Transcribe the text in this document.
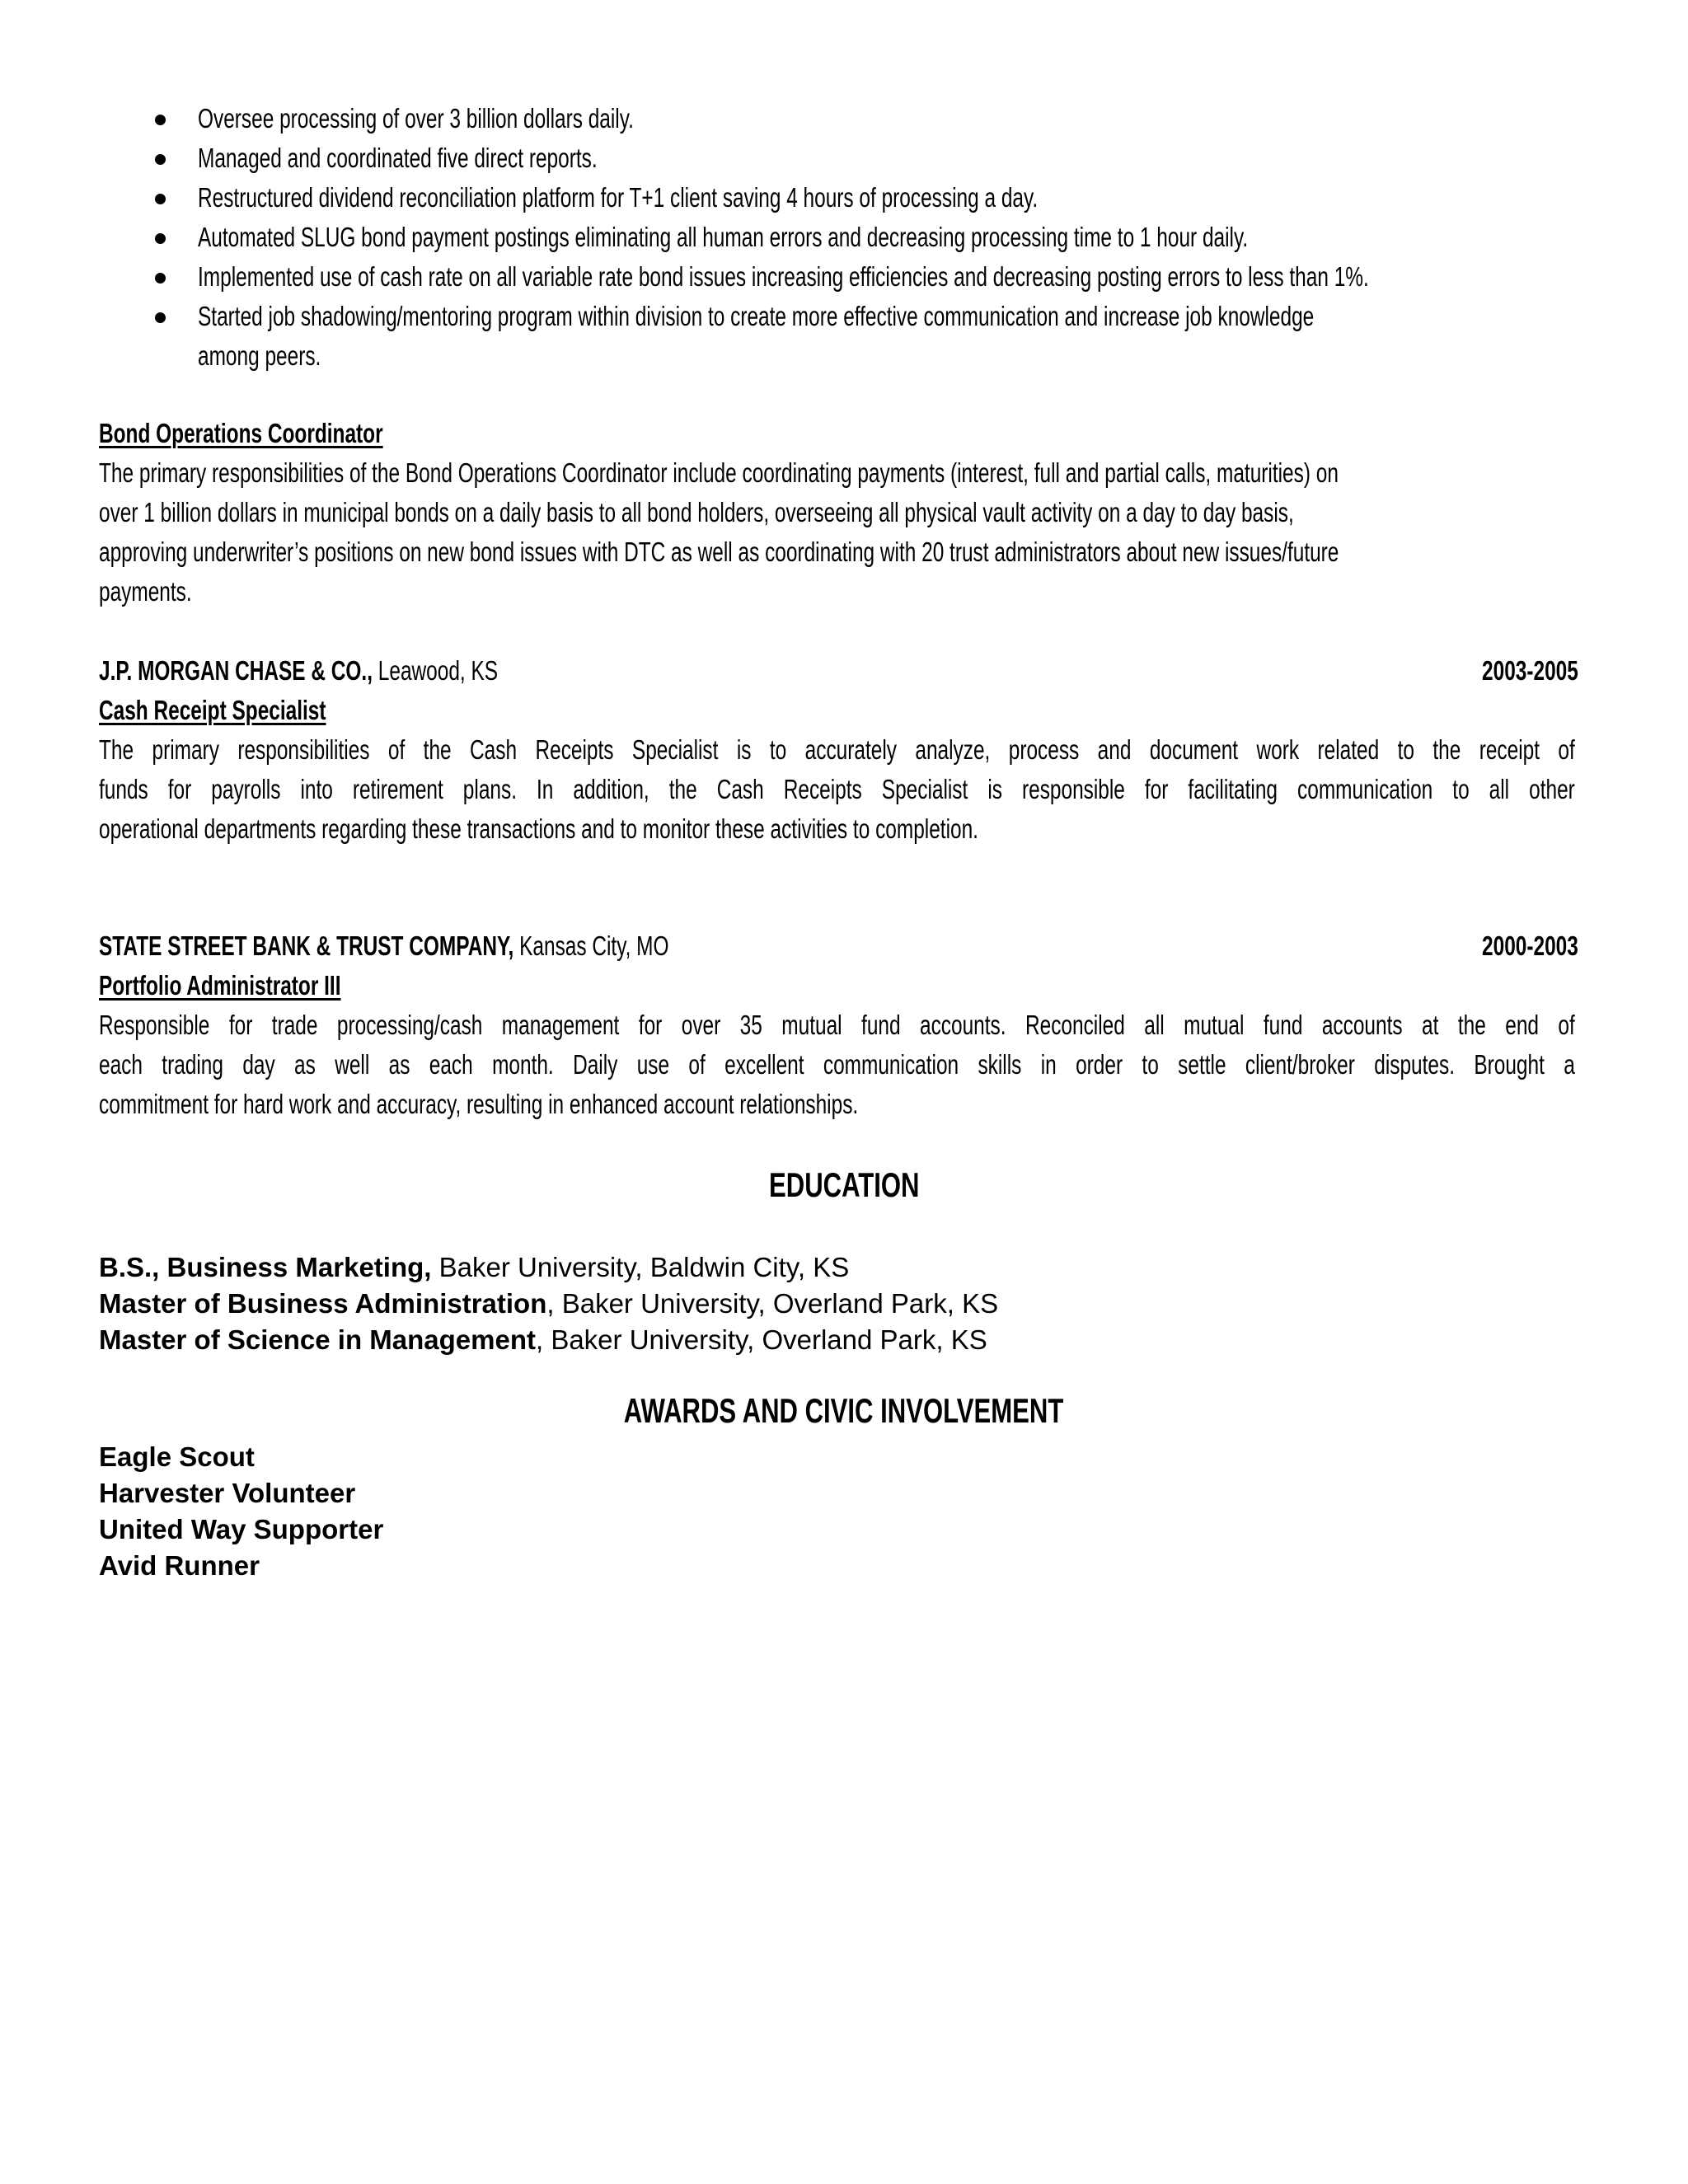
Oversee processing of over 3 billion dollars daily.
Managed and coordinated five direct reports.
Restructured dividend reconciliation platform for T+1 client saving 4 hours of processing a day.
Automated SLUG bond payment postings eliminating all human errors and decreasing processing time to 1 hour daily.
Implemented use of cash rate on all variable rate bond issues increasing efficiencies and decreasing posting errors to less than 1%.
Started job shadowing/mentoring program within division to create more effective communication and increase job knowledge
among peers.
Bond Operations Coordinator
The primary responsibilities of the Bond Operations Coordinator include coordinating payments (interest, full and partial calls, maturities) on
over 1 billion dollars in municipal bonds on a daily basis to all bond holders, overseeing all physical vault activity on a day to day basis,
approving underwriter’s positions on new bond issues with DTC as well as coordinating with 20 trust administrators about new issues/future
payments.
J.P. MORGAN CHASE & CO., Leawood, KS	2003-2005
Cash Receipt Specialist
The primary responsibilities of the Cash Receipts Specialist is to accurately analyze, process and document work related to the receipt of
funds for payrolls into retirement plans. In addition, the Cash Receipts Specialist is responsible for facilitating communication to all other
operational departments regarding these transactions and to monitor these activities to completion.
STATE STREET BANK & TRUST COMPANY, Kansas City, MO	2000-2003
Portfolio Administrator III
Responsible for trade processing/cash management for over 35 mutual fund accounts. Reconciled all mutual fund accounts at the end of
each trading day as well as each month. Daily use of excellent communication skills in order to settle client/broker disputes. Brought a
commitment for hard work and accuracy, resulting in enhanced account relationships.
EDUCATION
B.S., Business Marketing, Baker University, Baldwin City, KS
Master of Business Administration, Baker University, Overland Park, KS
Master of Science in Management, Baker University, Overland Park, KS
AWARDS AND CIVIC INVOLVEMENT
Eagle Scout
Harvester Volunteer
United Way Supporter
Avid Runner
